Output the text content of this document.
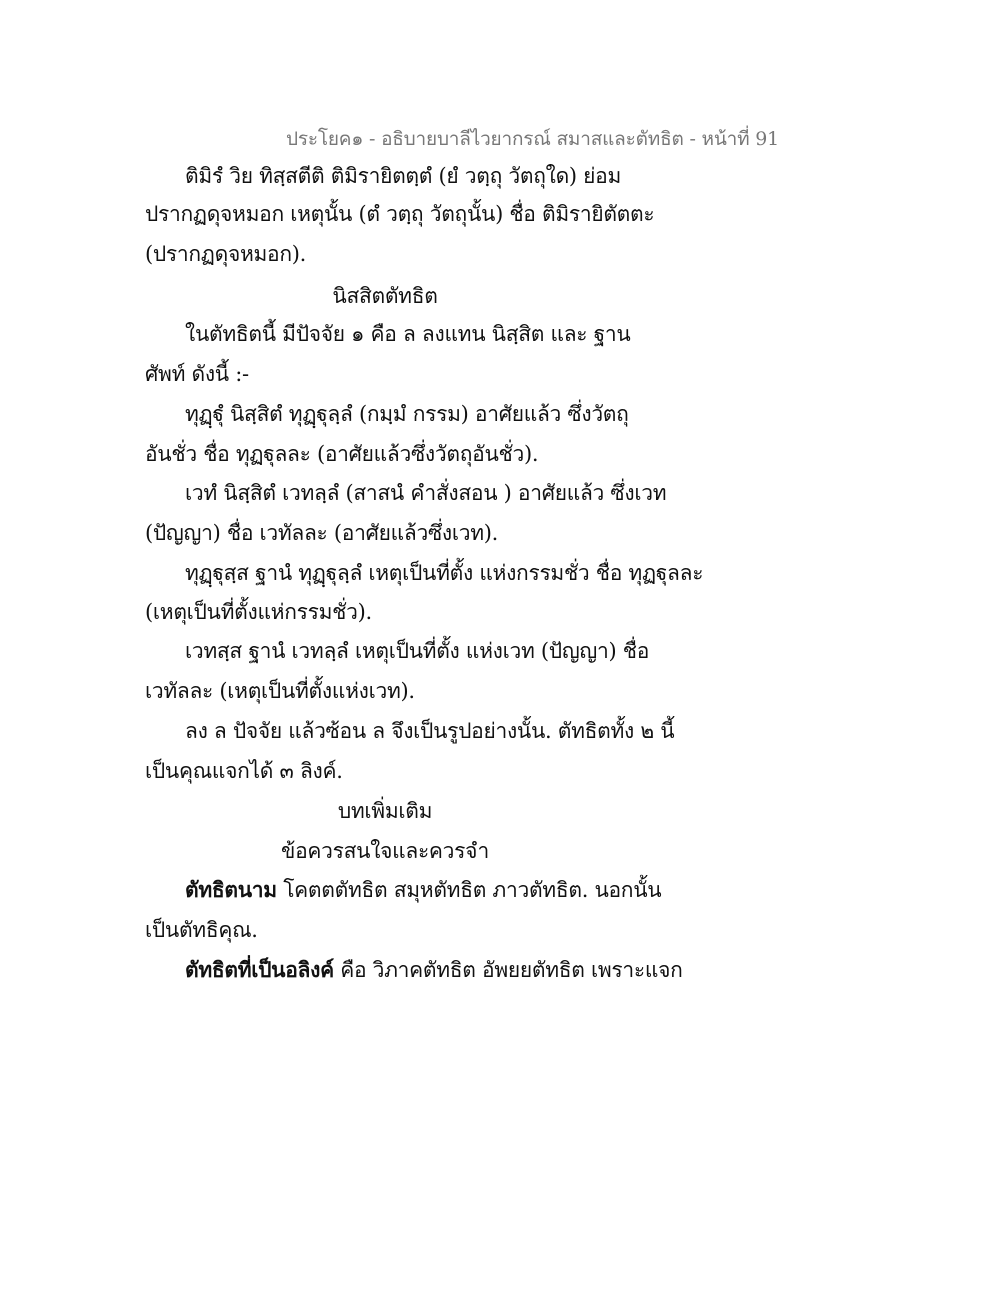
ประโยค๑ - อธิบายบาลีไวยากรณ์ สมาสและตัทธิต - หน้าที่ 91
ติมิรํ วิย ทิสฺสตีติ ติมิรายิตตฺตํ (ยํ วตฺถุ วัตถุใด) ย่อม
ปรากฏดุจหมอก เหตุนั้น (ตํ วตฺถุ วัตถุนั้น) ชื่อ ติมิรายิตัตตะ
(ปรากฏดุจหมอก).
นิสสิตตัทธิต
ในตัทธิตนี้ มีปัจจัย ๑ คือ ล ลงแทน นิสฺสิต และ ฐาน
ศัพท์ ดังนี้ :-
ทุฏฺฐุํ นิสฺสิตํ ทุฏฺฐุลฺลํ (กมฺมํ กรรม) อาศัยแล้ว ซึ่งวัตถุ
อันชั่ว ชื่อ ทุฏฐุลละ (อาศัยแล้วซึ่งวัตถุอันชั่ว).
เวทํ นิสฺสิตํ เวทลฺลํ (สาสนํ คำสั่งสอน ) อาศัยแล้ว ซึ่งเวท
(ปัญญา) ชื่อ เวทัลละ (อาศัยแล้วซึ่งเวท).
ทุฏฺฐุสฺส ฐานํ ทุฏฺฐุลฺลํ เหตุเป็นที่ตั้ง แห่งกรรมชั่ว ชื่อ ทุฏฐุลละ
(เหตุเป็นที่ตั้งแห่กรรมชั่ว).
เวทสฺส ฐานํ เวทลฺลํ เหตุเป็นที่ตั้ง แห่งเวท (ปัญญา) ชื่อ
เวทัลละ (เหตุเป็นที่ตั้งแห่งเวท).
ลง ล ปัจจัย แล้วซ้อน ล จึงเป็นรูปอย่างนั้น. ตัทธิตทั้ง ๒ นี้
เป็นคุณแจกได้ ๓ ลิงค์.
บทเพิ่มเติม
ข้อควรสนใจและควรจำ
ตัทธิตนาม โคตตตัทธิต สมุหตัทธิต ภาวตัทธิต. นอกนั้น
เป็นตัทธิคุณ.
ตัทธิตที่เป็นอลิงค์ คือ วิภาคตัทธิต อัพยยตัทธิต เพราะแจก
